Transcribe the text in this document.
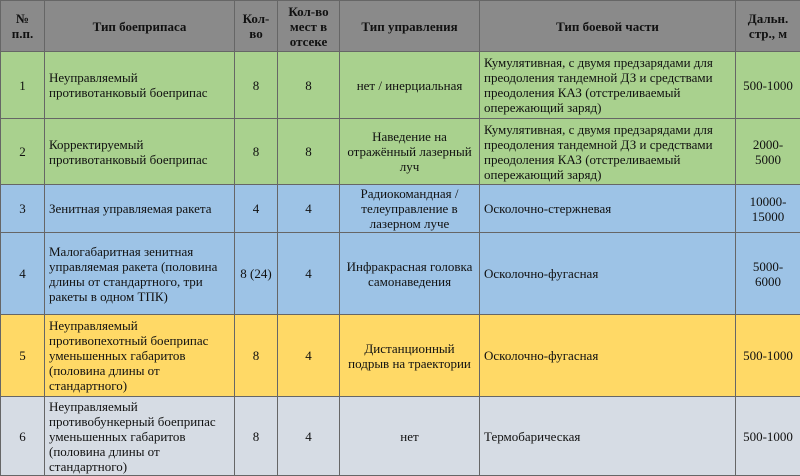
№ п.п.	Тип боеприпаса	Кол-во	Кол-во мест в отсеке	Тип управления	Тип боевой части	Дальн. стр., м
1	Неуправляемый противотанковый боеприпас	8	8	нет / инерциальная	Кумулятивная, с двумя предзарядами для преодоления тандемной ДЗ и средствами преодоления КАЗ (отстреливаемый опережающий заряд)	500-1000
2	Корректируемый противотанковый боеприпас	8	8	Наведение на отражённый лазерный луч	Кумулятивная, с двумя предзарядами для преодоления тандемной ДЗ и средствами преодоления КАЗ (отстреливаемый опережающий заряд)	2000-5000
3	Зенитная управляемая ракета	4	4	Радиокомандная / телеуправление в лазерном луче	Осколочно-стержневая	10000-15000
4	Малогабаритная зенитная управляемая ракета (половина длины от стандартного, три ракеты в одном ТПК)	8 (24)	4	Инфракрасная головка самонаведения	Осколочно-фугасная	5000-6000
5	Неуправляемый противопехотный боеприпас уменьшенных габаритов (половина длины от стандартного)	8	4	Дистанционный подрыв на траектории	Осколочно-фугасная	500-1000
6	Неуправляемый противобункерный боеприпас уменьшенных габаритов (половина длины от стандартного)	8	4	нет	Термобарическая	500-1000
